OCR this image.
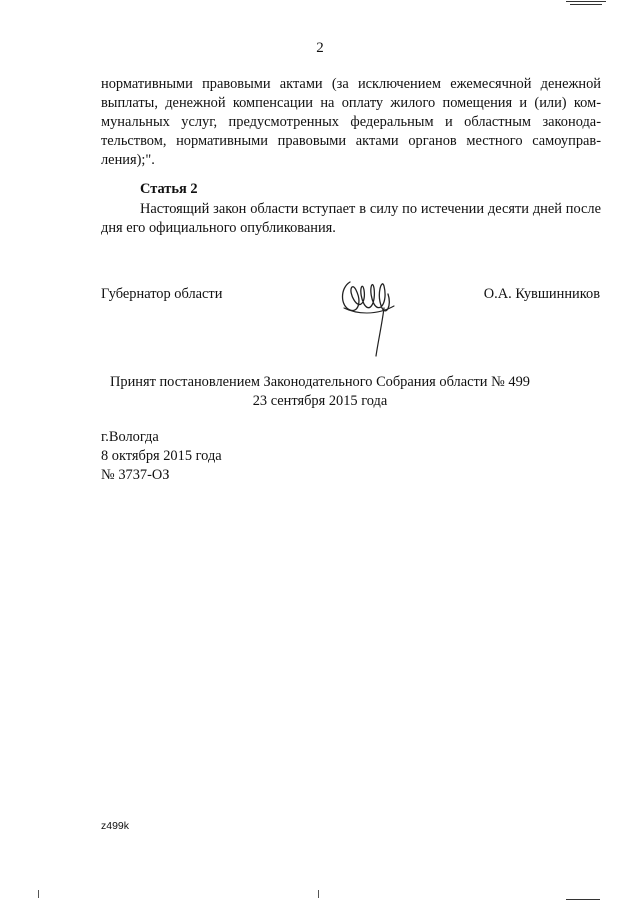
2

нормативными правовыми актами (за исключением ежемесячной денежной выплаты, денежной компенсации на оплату жилого помещения и (или) ком-мунальных услуг, предусмотренных федеральным и областным законода-тельством, нормативными правовыми актами органов местного самоуправ-ления);".

Статья 2

Настоящий закон области вступает в силу по истечении десяти дней после дня его официального опубликования.

Губернатор области	О.А. Кувшинников
Принят постановлением Законодательного Собрания области № 499
23 сентября 2015 года
г.Вологда
8 октября 2015 года
№ 3737-ОЗ
z499k
